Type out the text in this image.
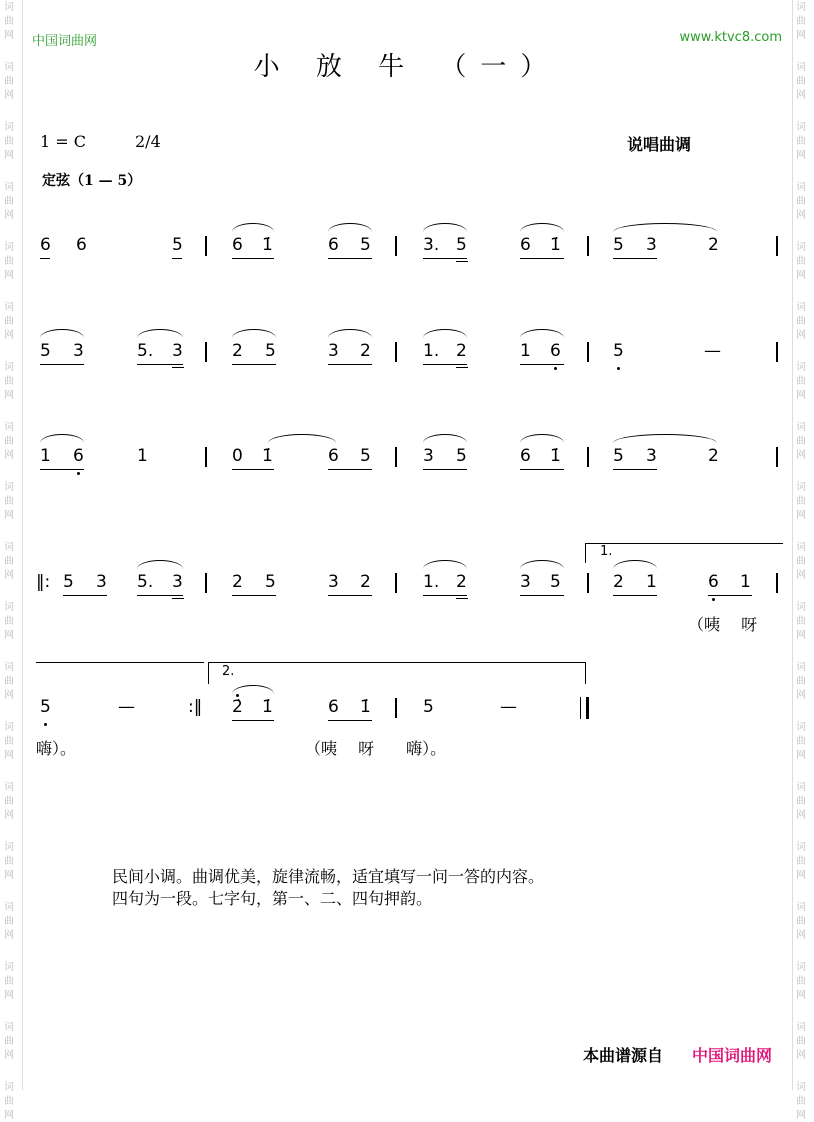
词
曲
网
词
曲
网
词
曲
网
词
曲
网
词
曲
网
词
曲
网
词
曲
网
词
曲
网
词
曲
网
词
曲
网
词
曲
网
词
曲
网
词
曲
网
词
曲
网
词
曲
网
词
曲
网
词
曲
网
词
曲
网
词
曲
网
词
曲
网
词
曲
网
词
曲
网
词
曲
网
词
曲
网
词
曲
网
词
曲
网
词
曲
网
词
曲
网
词
曲
网
词
曲
网
词
曲
网
词
曲
网
词
曲
网
词
曲
网
词
曲
网
词
曲
网
词
曲
网
词
曲
网
中国词曲网	www.ktvc8.com
小 放 牛 （一）
1 = C	2/4	说唱曲调
定弦（1 — 5）
6 6	5	6 1̇	6 5	3. 5	6 1̇	5 3	2
5 3	5. 3	2 5	3 2	1. 2	1 6	5	—
1 6	1	0 1̇	6 5	3 5	6 1̇	5 3	2
‖: 5 3 5. 3	2 5	3 2	1. 2	3 5	2 1	6 1
1.
5	—	:‖ 2̇ 1̇	6 1̇	5	—
2.
（咦　 呀
嗨）。	（咦　 呀　　嗨）。
民间小调。曲调优美，旋律流畅，适宜填写一问一答的内容。
四句为一段。七字句，第一、二、四句押韵。
本曲谱源自 中国词曲网
